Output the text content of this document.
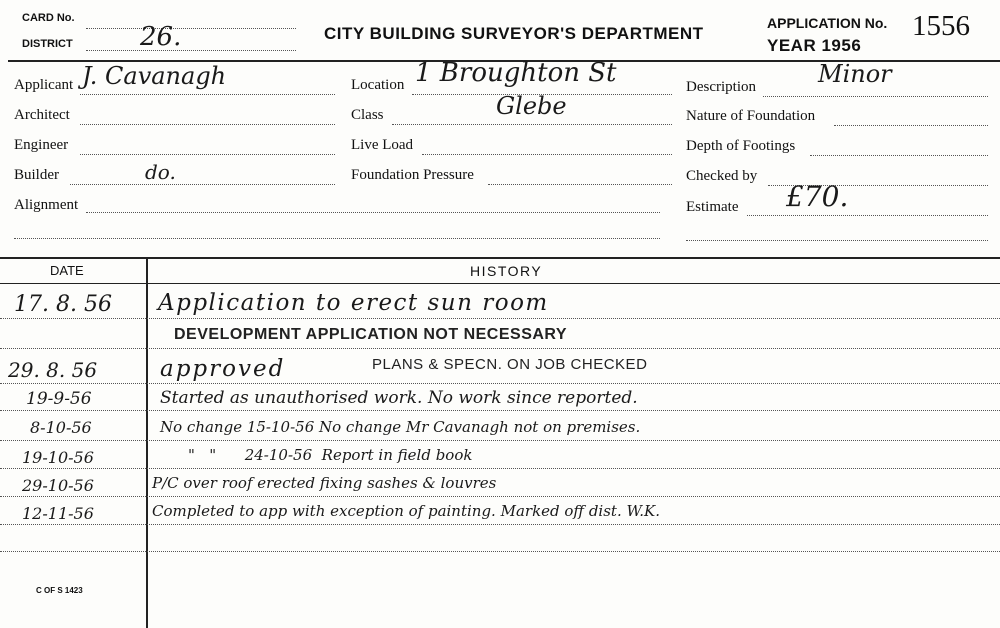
CARD No.
DISTRICT	26.	CITY BUILDING SURVEYOR'S DEPARTMENT
APPLICATION No. 1556
YEAR 1956
Applicant J. Cavanagh
Architect
Engineer
Builder	do.
Alignment
Location 1 Broughton St
Class	Glebe
Live Load
Foundation Pressure
Description	Minor
Nature of Foundation
Depth of Footings
Checked by
Estimate £70.
DATE	HISTORY
17. 8. 56 Application to erect sun room
DEVELOPMENT APPLICATION NOT NECESSARY
29. 8. 56	approved	PLANS & SPECN. ON JOB CHECKED
19-9-56	Started as unauthorised work. No work since reported.
8-10-56	No change 15-10-56 No change Mr Cavanagh not on premises.
19-10-56	"   "      24-10-56  Report in field book
29-10-56	P/C over roof erected fixing sashes & louvres
12-11-56	Completed to app with exception of painting. Marked off dist. W.K.
C OF S 1423
